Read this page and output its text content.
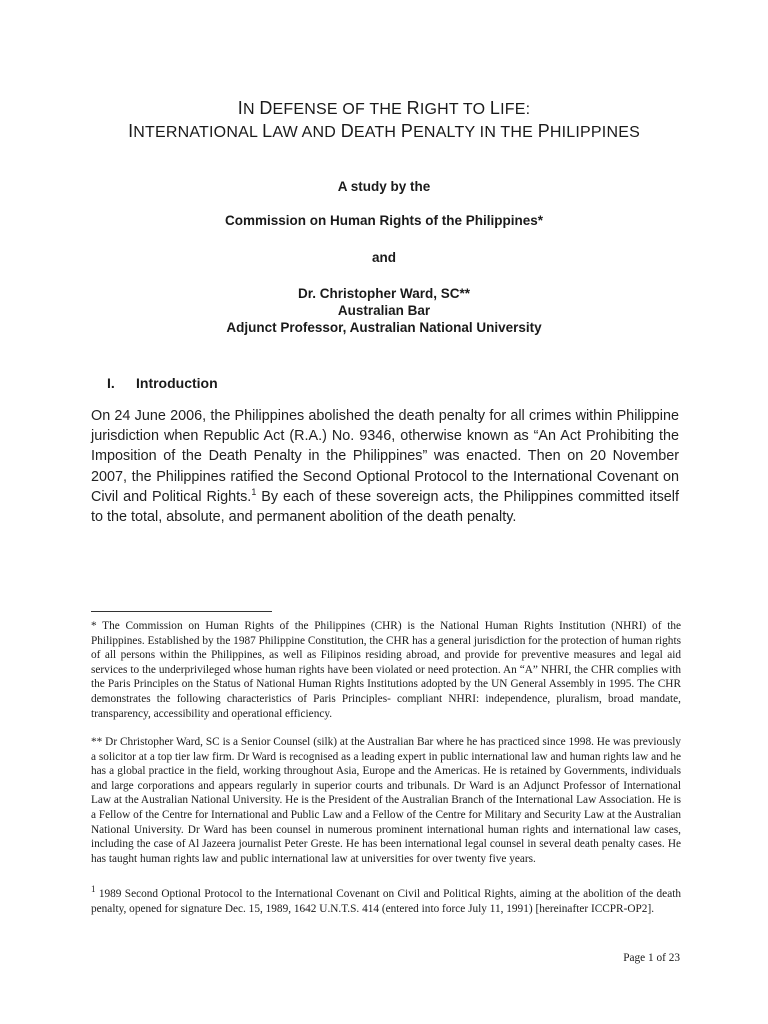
IN DEFENSE OF THE RIGHT TO LIFE:
INTERNATIONAL LAW AND DEATH PENALTY IN THE PHILIPPINES
A study by the
Commission on Human Rights of the Philippines*
and
Dr. Christopher Ward, SC**
Australian Bar
Adjunct Professor, Australian National University
I. Introduction
On 24 June 2006, the Philippines abolished the death penalty for all crimes within Philippine jurisdiction when Republic Act (R.A.) No. 9346, otherwise known as “An Act Prohibiting the Imposition of the Death Penalty in the Philippines” was enacted. Then on 20 November 2007, the Philippines ratified the Second Optional Protocol to the International Covenant on Civil and Political Rights.$^1$ By each of these sovereign acts, the Philippines committed itself to the total, absolute, and permanent abolition of the death penalty.
* The Commission on Human Rights of the Philippines (CHR) is the National Human Rights Institution (NHRI) of the Philippines. Established by the 1987 Philippine Constitution, the CHR has a general jurisdiction for the protection of human rights of all persons within the Philippines, as well as Filipinos residing abroad, and provide for preventive measures and legal aid services to the underprivileged whose human rights have been violated or need protection. An “A” NHRI, the CHR complies with the Paris Principles on the Status of National Human Rights Institutions adopted by the UN General Assembly in 1995. The CHR demonstrates the following characteristics of Paris Principles- compliant NHRI: independence, pluralism, broad mandate, transparency, accessibility and operational efficiency.
** Dr Christopher Ward, SC is a Senior Counsel (silk) at the Australian Bar where he has practiced since 1998. He was previously a solicitor at a top tier law firm. Dr Ward is recognised as a leading expert in public international law and human rights law and he has a global practice in the field, working throughout Asia, Europe and the Americas. He is retained by Governments, individuals and large corporations and appears regularly in superior courts and tribunals. Dr Ward is an Adjunct Professor of International Law at the Australian National University. He is the President of the Australian Branch of the International Law Association. He is a Fellow of the Centre for International and Public Law and a Fellow of the Centre for Military and Security Law at the Australian National University. Dr Ward has been counsel in numerous prominent international human rights and international law cases, including the case of Al Jazeera journalist Peter Greste. He has been international legal counsel in several death penalty cases. He has taught human rights law and public international law at universities for over twenty five years.
$^1$ 1989 Second Optional Protocol to the International Covenant on Civil and Political Rights, aiming at the abolition of the death penalty, opened for signature Dec. 15, 1989, 1642 U.N.T.S. 414 (entered into force July 11, 1991) [hereinafter ICCPR-OP2].
Page 1 of 23
